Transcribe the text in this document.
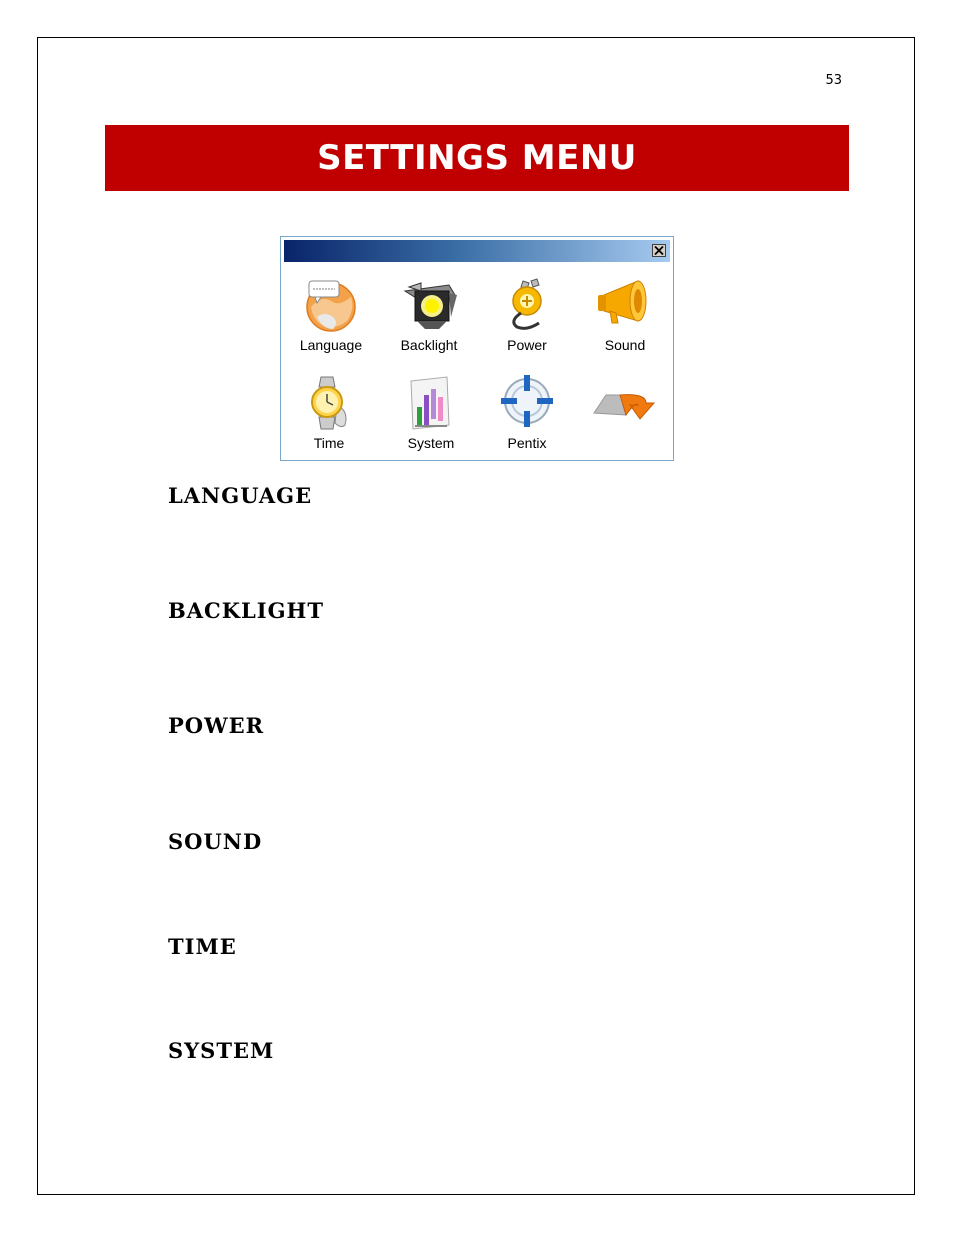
53
SETTINGS MENU
Language	Backlight	Power	Sound
Time	System	Pentix
LANGUAGE
BACKLIGHT
POWER
SOUND
TIME
SYSTEM
